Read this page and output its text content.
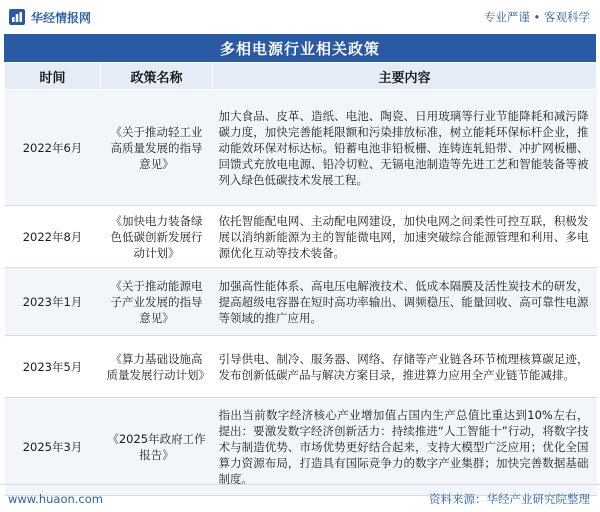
华经情报网	专业严谨 • 客观科学
多相电源行业相关政策
时间	政策名称	主要内容
2022年6月	《关于推动轻工业高质量发展的指导意见》	加大食品、皮革、造纸、电池、陶瓷、日用玻璃等行业节能降耗和减污降碳力度，加快完善能耗限额和污染排放标准，树立能耗环保标杆企业，推动能效环保对标达标。铅蓄电池非铅板栅、连铸连轧铅带、冲扩网板栅、回馈式充放电电源、铅冷切粒、无镉电池制造等先进工艺和智能装备等被列入绿色低碳技术发展工程。
2022年8月	《加快电力装备绿色低碳创新发展行动计划》	依托智能配电网、主动配电网建设，加快电网之间柔性可控互联，积极发展以消纳新能源为主的智能微电网，加速突破综合能源管理和利用、多电源优化互动等技术装备。
2023年1月	《关于推动能源电子产业发展的指导意见》	加强高性能体系、高电压电解液技术、低成本隔膜及活性炭技术的研发，提高超级电容器在短时高功率输出、调频稳压、能量回收、高可靠性电源等领域的推广应用。
2023年5月	《算力基础设施高质量发展行动计划》	引导供电、制冷、服务器、网络、存储等产业链各环节梳理核算碳足迹，发布创新低碳产品与解决方案目录，推进算力应用全产业链节能减排。
2025年3月	《2025年政府工作报告》	指出当前数字经济核心产业增加值占国内生产总值比重达到10%左右，提出：要激发数字经济创新活力：持续推进“人工智能十”行动，将数字技术与制造优势、市场优势更好结合起来，支持大模型广泛应用；优化全国算力资源布局，打造具有国际竞争力的数字产业集群；加快完善数据基础制度。
www.huaon.com	资料来源：华经产业研究院整理
